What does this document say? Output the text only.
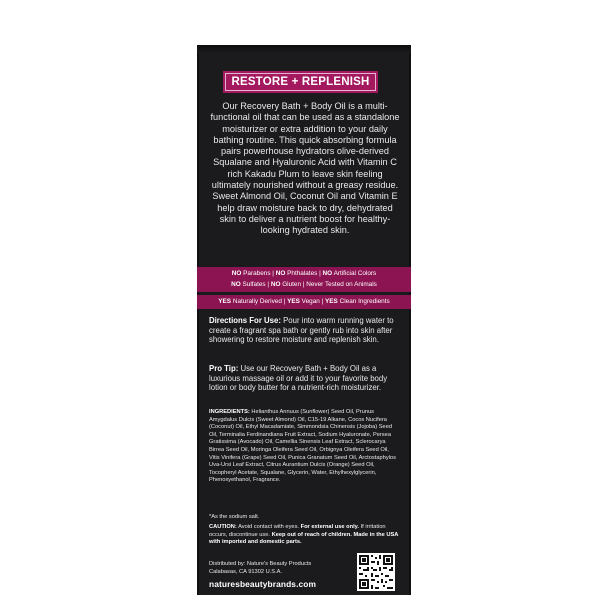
RESTORE + REPLENISH
Our Recovery Bath + Body Oil is a multi-functional oil that can be used as a standalone moisturizer or extra addition to your daily bathing routine. This quick absorbing formula pairs powerhouse hydrators olive-derived Squalane and Hyaluronic Acid with Vitamin C rich Kakadu Plum to leave skin feeling ultimately nourished without a greasy residue. Sweet Almond Oil, Coconut Oil and Vitamin E help draw moisture back to dry, dehydrated skin to deliver a nutrient boost for healthy-looking hydrated skin.
NO Parabens | NO Phthalates | NO Artificial Colors
NO Sulfates | NO Gluten | Never Tested on Animals
YES Naturally Derived | YES Vegan | YES Clean Ingredients
Directions For Use: Pour into warm running water to create a fragrant spa bath or gently rub into skin after showering to restore moisture and replenish skin.
Pro Tip: Use our Recovery Bath + Body Oil as a luxurious massage oil or add it to your favorite body lotion or body butter for a nutrient-rich moisturizer.
INGREDIENTS: Helianthus Annuus (Sunflower) Seed Oil, Prunus Amygdalus Dulcis (Sweet Almond) Oil, C15-19 Alkane, Cocos Nucifera (Coconut) Oil, Ethyl Macadamiate, Simmondsia Chinensis (Jojoba) Seed Oil, Terminalia Ferdinandiana Fruit Extract, Sodium Hyaluronate, Persea Gratissima (Avocado) Oil, Camellia Sinensis Leaf Extract, Sclerocarya Birrea Seed Oil, Moringa Oleifera Seed Oil, Orbignya Oleifera Seed Oil, Vitis Vinifera (Grape) Seed Oil, Punica Granatum Seed Oil, Arctostaphylos Uva-Ursi Leaf Extract, Citrus Aurantium Dulcis (Orange) Seed Oil, Tocopheryl Acetate, Squalane, Glycerin, Water, Ethylhexylglycerin, Phenoxyethanol, Fragrance.
*As the sodium salt.
CAUTION: Avoid contact with eyes. For external use only. If irritation occurs, discontinue use. Keep out of reach of children. Made in the USA with imported and domestic parts.
Distributed by: Nature's Beauty Products
Calabasas, CA 91302 U.S.A.
naturesbeautybrands.com
